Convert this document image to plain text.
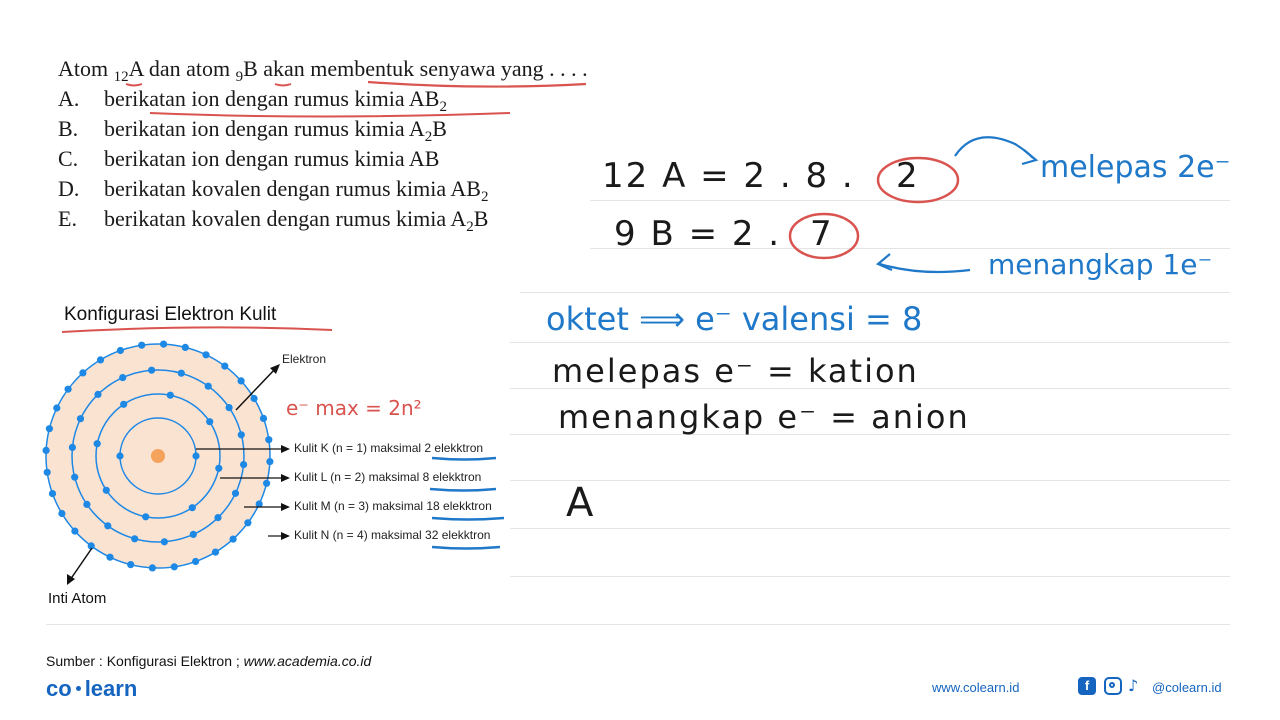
Atom $_{12}$A dan atom $_9$B akan membentuk senyawa yang . . . .
A. berikatan ion dengan rumus kimia $AB_2$
B. berikatan ion dengan rumus kimia $A_2B$
C. berikatan ion dengan rumus kimia AB
D. berikatan kovalen dengan rumus kimia $AB_2$
E. berikatan kovalen dengan rumus kimia $A_2B$
Konfigurasi Elektron Kulit
Elektron
e⁻ max = 2n²
Kulit K (n = 1) maksimal 2 elekktron
Kulit L (n = 2) maksimal 8 elekktron
Kulit M (n = 3) maksimal 18 elekktron
Kulit N (n = 4) maksimal 32 elekktron
Inti Atom
12 A = 2 . 8 . 2	melepas 2e⁻
9 B = 2 . 7
menangkap 1e⁻
oktet ⟹ e⁻ valensi = 8
melepas e⁻ = kation
menangkap e⁻ = anion
A
Sumber : Konfigurasi Elektron ; www.academia.co.id
co learn	www.colearn.id	f	♪ @colearn.id
